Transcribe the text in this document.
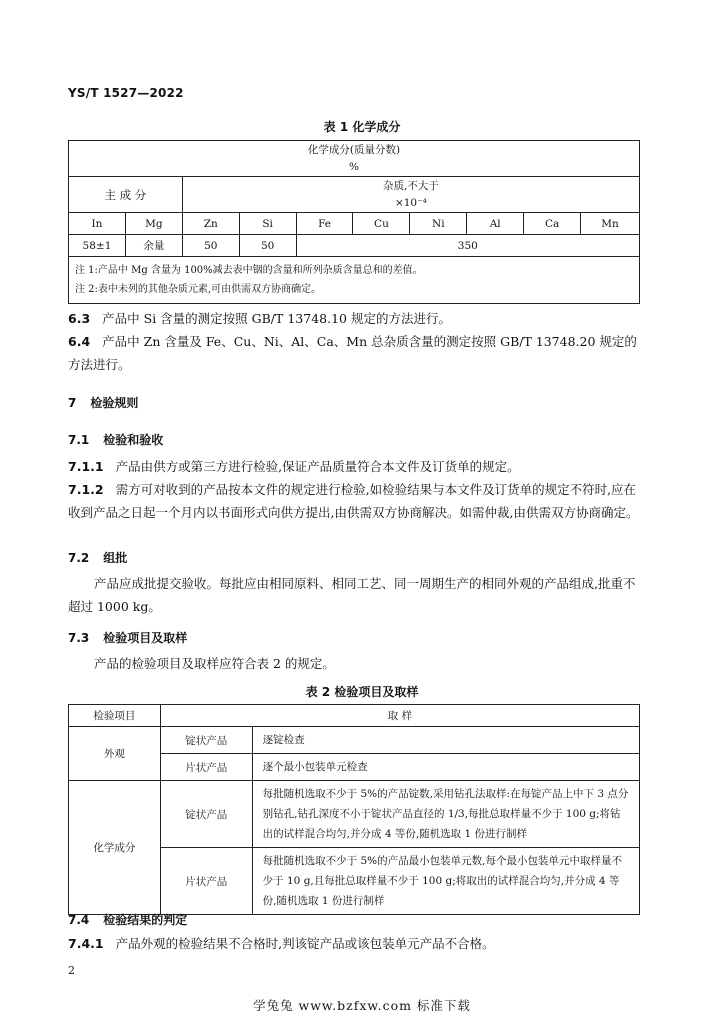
YS/T 1527—2022
表 1 化学成分
化学成分(质量分数)
%									

主 成 分		杂质,不大于
×10⁻⁴							

In	Mg	Zn	Si	Fe	Cu	Ni	Al	Ca	Mn
58±1	余量	50	50	350					

注 1:产品中 Mg 含量为 100%减去表中铟的含量和所列杂质含量总和的差值。
注 2:表中未列的其他杂质元素,可由供需双方协商确定。									
6.3 产品中 Si 含量的测定按照 GB/T 13748.10 规定的方法进行。
6.4 产品中 Zn 含量及 Fe、Cu、Ni、Al、Ca、Mn 总杂质含量的测定按照 GB/T 13748.20 规定的方法进行。
7 检验规则
7.1 检验和验收
7.1.1 产品由供方或第三方进行检验,保证产品质量符合本文件及订货单的规定。
7.1.2 需方可对收到的产品按本文件的规定进行检验,如检验结果与本文件及订货单的规定不符时,应在收到产品之日起一个月内以书面形式向供方提出,由供需双方协商解决。如需仲裁,由供需双方协商确定。
7.2 组批
产品应成批提交验收。每批应由相同原料、相同工艺、同一周期生产的相同外观的产品组成,批重不超过 1000 kg。
7.3 检验项目及取样
产品的检验项目及取样应符合表 2 的规定。
表 2 检验项目及取样
检验项目	取 样	
外观	锭状产品	逐锭检查
	片状产品	逐个最小包装单元检查
化学成分	锭状产品	每批随机选取不少于 5%的产品锭数,采用钻孔法取样:在每锭产品上中下 3 点分别钻孔,钻孔深度不小于锭状产品直径的 1/3,每批总取样量不少于 100 g;将钻出的试样混合均匀,并分成 4 等份,随机选取 1 份进行制样
	片状产品	每批随机选取不少于 5%的产品最小包装单元数,每个最小包装单元中取样量不少于 10 g,且每批总取样量不少于 100 g;将取出的试样混合均匀,并分成 4 等份,随机选取 1 份进行制样
7.4 检验结果的判定
7.4.1 产品外观的检验结果不合格时,判该锭产品或该包装单元产品不合格。
2
学兔兔 www.bzfxw.com 标准下载
